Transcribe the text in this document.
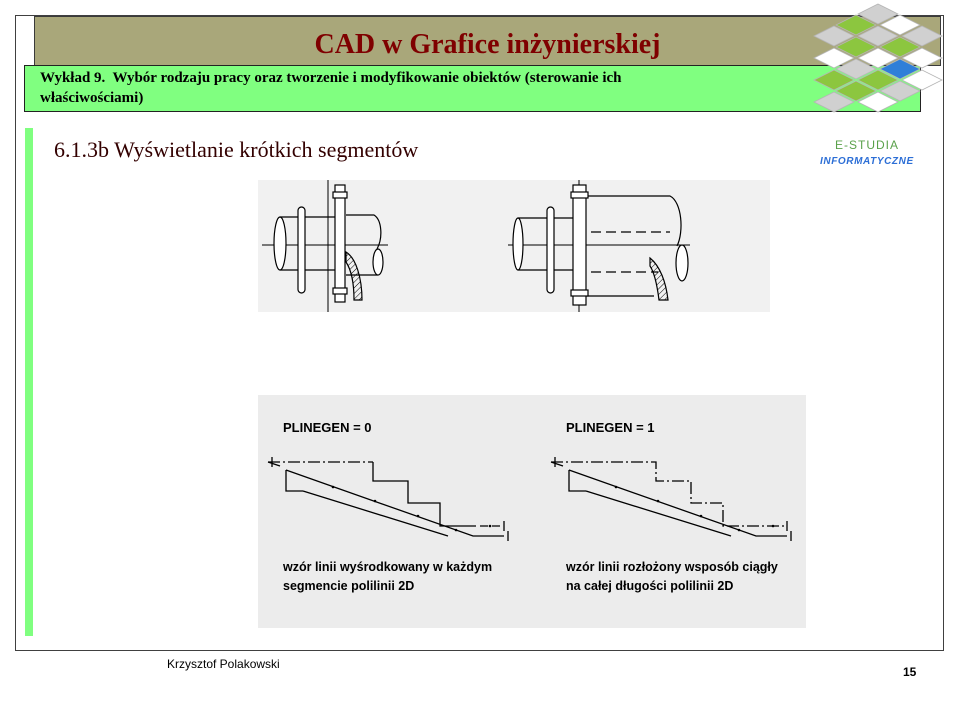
CAD w Grafice inżynierskiej
Wykład 9.  Wybór rodzaju pracy oraz tworzenie i modyfikowanie obiektów (sterowanie ich
właściwościami)
6.1.3b Wyświetlanie krótkich segmentów	E-STUDIA
INFORMATYCZNE
PLINEGEN = 0
wzór linii wyśrodkowany w każdym
segmencie polilinii 2D
PLINEGEN = 1
wzór linii rozłożony wsposób ciągły
na całej długości polilinii 2D
Krzysztof Polakowski
15
